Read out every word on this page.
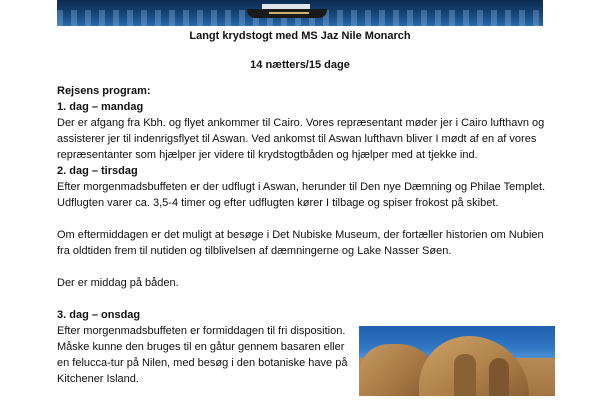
Langt krydstogt med MS Jaz Nile Monarch
14 nætters/15 dage

Rejsens program:

1. dag – mandag

Der er afgang fra Kbh. og flyet ankommer til Cairo. Vores repræsentant møder jer i Cairo lufthavn og assisterer jer til indenrigsflyet til Aswan. Ved ankomst til Aswan lufthavn bliver I mødt af en af vores repræsentanter som hjælper jer videre til krydstogtbåden og hjælper med at tjekke ind.

2. dag – tirsdag

Efter morgenmadsbuffeten er der udflugt i Aswan, herunder til Den nye Dæmning og Philae Templet. Udflugten varer ca. 3,5-4 timer og efter udflugten kører I tilbage og spiser frokost på skibet.

Om eftermiddagen er det muligt at besøge i Det Nubiske Museum, der fortæller historien om Nubien fra oldtiden frem til nutiden og tilblivelsen af dæmningerne og Lake Nasser Søen.

Der er middag på båden.

3. dag – onsdag

Efter morgenmadsbuffeten er formiddagen til fri disposition. Måske kunne den bruges til en gåtur gennem basaren eller en felucca-tur på Nilen, med besøg i den botaniske have på Kitchener Island.
